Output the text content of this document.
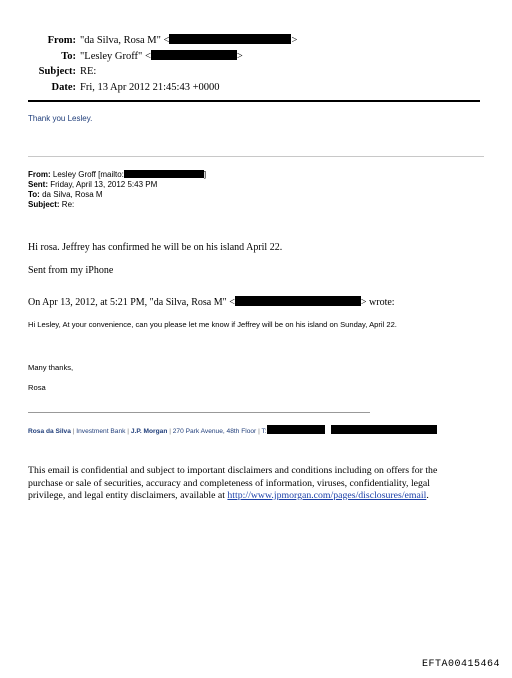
From: "da Silva, Rosa M" <	>
To: "Lesley Groff" <	>
Subject: RE:
Date: Fri, 13 Apr 2012 21:45:43 +0000
Thank you Lesley.
From: Lesley Groff [mailto:	]
Sent: Friday, April 13, 2012 5:43 PM
To: da Silva, Rosa M
Subject: Re:
Hi rosa. Jeffrey has confirmed he will be on his island April 22.
Sent from my iPhone
On Apr 13, 2012, at 5:21 PM, "da Silva, Rosa M" <	> wrote:
Hi Lesley, At your convenience, can you please let me know if Jeffrey will be on his island on Sunday, April 22.
Many thanks,
Rosa
Rosa da Silva | Investment Bank | J.P. Morgan | 270 Park Avenue, 48th Floor | T:
This email is confidential and subject to important disclaimers and conditions including on offers for the purchase or sale of securities, accuracy and completeness of information, viruses, confidentiality, legal privilege, and legal entity disclaimers, available at http://www.jpmorgan.com/pages/disclosures/email.
EFTA00415464
